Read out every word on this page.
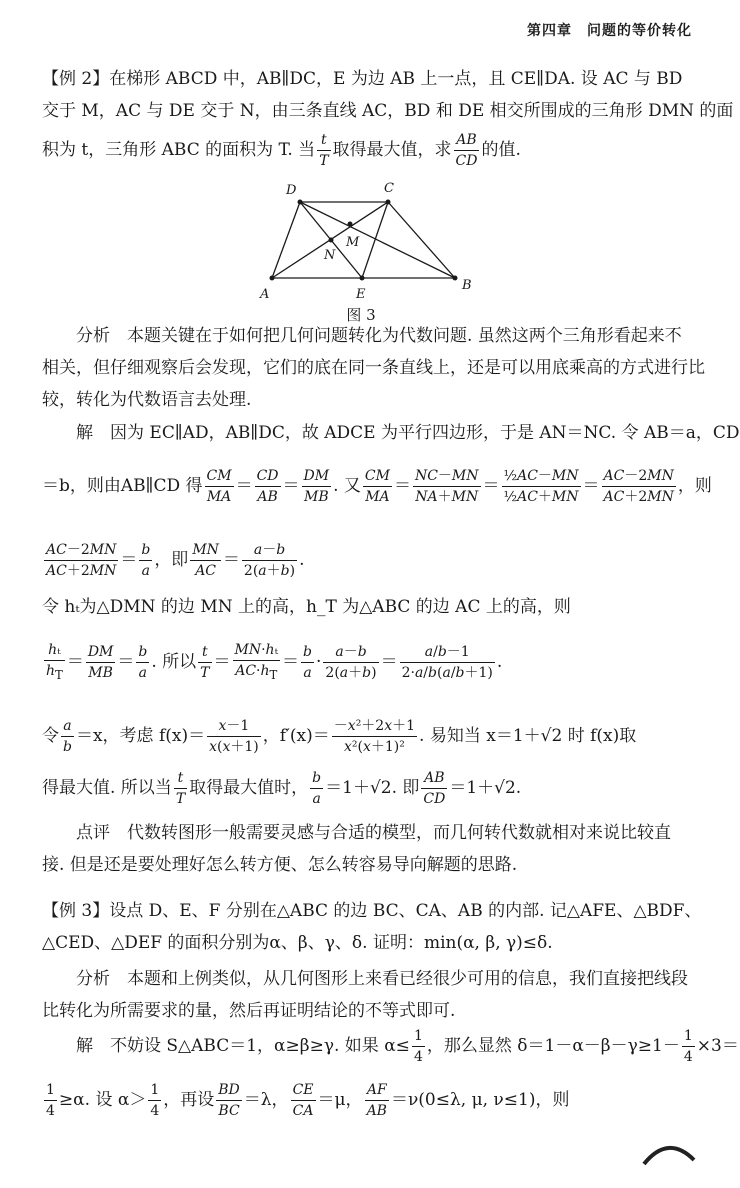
第四章　问题的等价转化
【例 2】在梯形 ABCD 中，AB∥DC，E 为边 AB 上一点，且 CE∥DA. 设 AC 与 BD
交于 M，AC 与 DE 交于 N，由三条直线 AC，BD 和 DE 相交所围成的三角形 DMN 的面
积为 t，三角形 ABC 的面积为 T. 当 $\frac{t}{T}$ 取得最大值，求 $\frac{AB}{CD}$ 的值.
D	C
M
N
A	E
B
图 3
分析　本题关键在于如何把几何问题转化为代数问题. 虽然这两个三角形看起来不
相关，但仔细观察后会发现，它们的底在同一条直线上，还是可以用底乘高的方式进行比
较，转化为代数语言去处理.
解　因为 EC∥AD，AB∥DC，故 ADCE 为平行四边形，于是 AN＝NC. 令 AB＝a，CD
＝b，则由AB∥CD 得 $\frac{CM}{MA} = \frac{CD}{AB} = \frac{DM}{MB}$ . 又 $\frac{CM}{MA} = \frac{NC-MN}{NA+MN} = \frac{\text{½AC－MN}}{\text{½AC＋MN}} = \frac{AC-2MN}{AC+2MN}$ ，则
$\frac{AC-2MN}{AC+2MN} = \frac{b}{a}$ ，即 $\frac{MN}{AC} = \frac{a-b}{2(a+b)}$ .
令 hₜ为△DMN 的边 MN 上的高，h_T 为△ABC 的边 AC 上的高，则
$\frac{\text{hₜ}}{h_T} = \frac{DM}{MB} = \frac{b}{a}$ . 所以 $\frac{t}{T} = \frac{\text{MN·hₜ}}{AC\cdot h_T} = \frac{b}{a} \cdot \frac{a-b}{2(a+b)} = \frac{a/b-1}{2\cdot a/b(a/b+1)}$ .
令 $\frac{a}{b} =x$，考虑 $f(x)= \frac{x-1}{x(x+1)}$ ，$f'(x)= \frac{\text{－x²＋2x＋1}}{\text{x²(x＋1)²}}$ . 易知当 x＝1＋√2 时 f(x)取
得最大值. 所以当 $\frac{t}{T}$ 取得最大值时， $\frac{b}{a} =1+√2$. 即 $\frac{AB}{CD} =1+√2$.
点评　代数转图形一般需要灵感与合适的模型，而几何转代数就相对来说比较直
接. 但是还是要处理好怎么转方便、怎么转容易导向解题的思路.
【例 3】设点 D、E、F 分别在△ABC 的边 BC、CA、AB 的内部. 记△AFE、△BDF、
△CED、△DEF 的面积分别为α、β、γ、δ. 证明：min(α, β, γ)≤δ.
分析　本题和上例类似，从几何图形上来看已经很少可用的信息，我们直接把线段
比转化为所需要求的量，然后再证明结论的不等式即可.
解　不妨设 S△ABC＝1，α≥β≥γ. 如果 $\alpha\le \frac{1}{4}$ ，那么显然 $\delta=1-\alpha-\beta-\gamma\ge 1- \frac{1}{4} \times 3=$
$\frac{1}{4} \ge\alpha$. 设 $\alpha> \frac{1}{4}$ ，再设 $\frac{BD}{BC} =\lambda$， $\frac{CE}{CA} =\mu$， $\frac{AF}{AB} =\nu(0\le\lambda$, μ, ν≤1)，则
